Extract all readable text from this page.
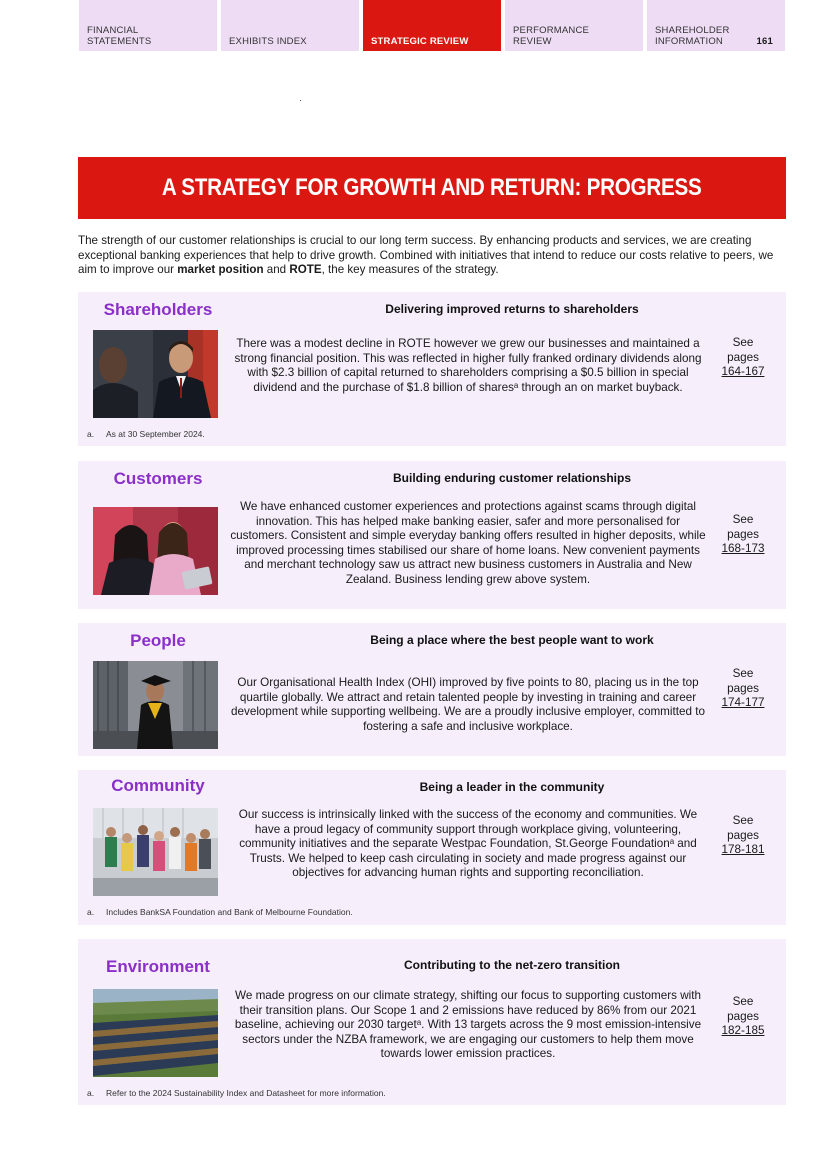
FINANCIAL
STATEMENTS	EXHIBITS INDEX	STRATEGIC REVIEW
PERFORMANCE
REVIEW
SHAREHOLDER
INFORMATION	161
A STRATEGY FOR GROWTH AND RETURN: PROGRESS

The strength of our customer relationships is crucial to our long term success. By enhancing products and services, we are creating exceptional banking experiences that help to drive growth. Combined with initiatives that intend to reduce our costs relative to peers, we aim to improve our market position and ROTE, the key measures of the strategy.

Shareholders	Delivering improved returns to shareholders
There was a modest decline in ROTE however we grew our businesses and maintained a strong financial position. This was reflected in higher fully franked ordinary dividends along with $2.3 billion of capital returned to shareholders comprising a $0.5 billion in special dividend and the purchase of $1.8 billion of sharesᵃ through an on market buyback.
See
pages
164-167
a. As at 30 September 2024.
Customers	Building enduring customer relationships
We have enhanced customer experiences and protections against scams through digital innovation. This has helped make banking easier, safer and more personalised for customers. Consistent and simple everyday banking offers resulted in higher deposits, while improved processing times stabilised our share of home loans. New convenient payments and merchant technology saw us attract new business customers in Australia and New Zealand. Business lending grew above system.
See
pages
168-173
People	Being a place where the best people want to work
Our Organisational Health Index (OHI) improved by five points to 80, placing us in the top quartile globally. We attract and retain talented people by investing in training and career development while supporting wellbeing. We are a proudly inclusive employer, committed to fostering a safe and inclusive workplace.
See
pages
174-177
Community	Being a leader in the community
Our success is intrinsically linked with the success of the economy and communities. We have a proud legacy of community support through workplace giving, volunteering, community initiatives and the separate Westpac Foundation, St.George Foundationᵃ and Trusts. We helped to keep cash circulating in society and made progress against our objectives for advancing human rights and supporting reconciliation.
See
pages
178-181
a. Includes BankSA Foundation and Bank of Melbourne Foundation.
Environment	Contributing to the net-zero transition
We made progress on our climate strategy, shifting our focus to supporting customers with their transition plans. Our Scope 1 and 2 emissions have reduced by 86% from our 2021 baseline, achieving our 2030 targetᵃ. With 13 targets across the 9 most emission-intensive sectors under the NZBA framework, we are engaging our customers to help them move towards lower emission practices.
See
pages
182-185
a. Refer to the 2024 Sustainability Index and Datasheet for more information.
